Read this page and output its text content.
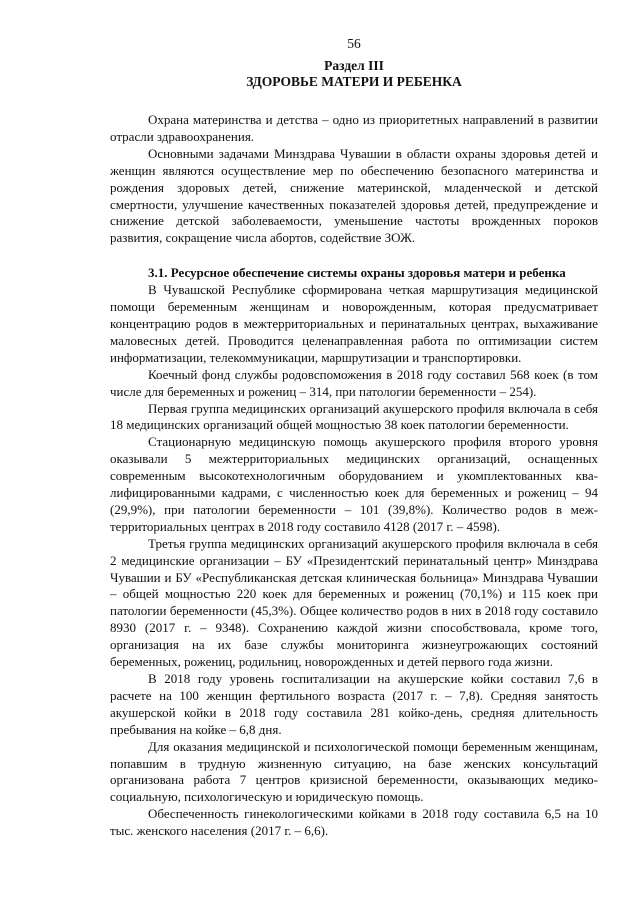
56
Раздел III
ЗДОРОВЬЕ МАТЕРИ И РЕБЕНКА

Охрана материнства и детства – одно из приоритетных направлений в развитии отрасли здравоохранения.

Основными задачами Минздрава Чувашии в области охраны здоровья детей и женщин являются осуществление мер по обеспечению безопасного материнства и рождения здоровых детей, снижение материнской, младенческой и детской смертности, улучшение качественных показателей здоровья детей, предупреждение и снижение детской заболеваемости, уменьшение частоты врожденных пороков развития, сокращение числа абортов, содействие ЗОЖ.

3.1. Ресурсное обеспечение системы охраны здоровья матери и ребенка

В Чувашской Республике сформирована четкая маршрутизация медицинской помощи беременным женщинам и новорожденным, которая предусматривает концентрацию родов в межтерриториальных и перинатальных центрах, выхаживание маловесных детей. Проводится целенаправленная работа по оптимизации систем информатизации, телекоммуникации, маршрутизации и транспортировки.

Коечный фонд службы родовспоможения в 2018 году составил 568 коек (в том числе для беременных и рожениц – 314, при патологии беременности – 254).

Первая группа медицинских организаций акушерского профиля включала в себя 18 медицинских организаций общей мощностью 38 коек патологии беременности.

Стационарную медицинскую помощь акушерского профиля второго уровня оказывали 5 межтерриториальных медицинских организаций, оснащенных современным высокотехнологичным оборудованием и укомплектованных квалифицированными кадрами, с численностью коек для беременных и рожениц – 94 (29,9%), при патологии беременности – 101 (39,8%). Количество родов в межтерриториальных центрах в 2018 году составило 4128 (2017 г. – 4598).

Третья группа медицинских организаций акушерского профиля включала в себя 2 медицинские организации – БУ «Президентский перинатальный центр» Минздрава Чувашии и БУ «Республиканская детская клиническая больница» Минздрава Чувашии – общей мощностью 220 коек для беременных и рожениц (70,1%) и 115 коек при патологии беременности (45,3%). Общее количество родов в них в 2018 году составило 8930 (2017 г. – 9348). Сохранению каждой жизни способствовала, кроме того, организация на их базе службы мониторинга жизнеугрожающих состояний беременных, рожениц, родильниц, новорожденных и детей первого года жизни.

В 2018 году уровень госпитализации на акушерские койки составил 7,6 в расчете на 100 женщин фертильного возраста (2017 г. – 7,8). Средняя занятость акушерской койки в 2018 году составила 281 койко-день, средняя длительность пребывания на койке – 6,8 дня.

Для оказания медицинской и психологической помощи беременным женщинам, попавшим в трудную жизненную ситуацию, на базе женских консультаций организована работа 7 центров кризисной беременности, оказывающих медико-социальную, психологическую и юридическую помощь.

Обеспеченность гинекологическими койками в 2018 году составила 6,5 на 10 тыс. женского населения (2017 г. – 6,6).
